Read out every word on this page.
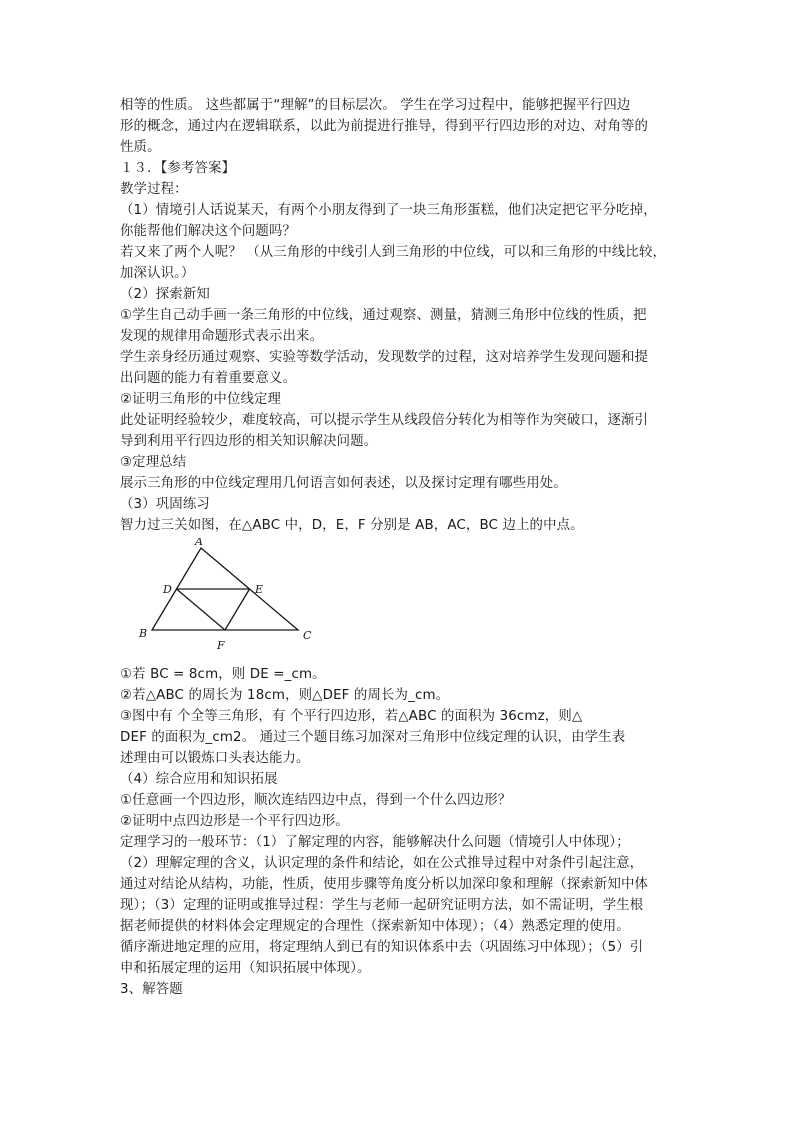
相等的性质。 这些都属于“理解”的目标层次。 学生在学习过程中，能够把握平行四边

形的概念，通过内在逻辑联系，以此为前提进行推导，得到平行四边形的对边、对角等的

性质。

１３．【参考答案】

教学过程：

（1）情境引人话说某天，有两个小朋友得到了一块三角形蛋糕，他们决定把它平分吃掉，

你能帮他们解决这个问题吗？

若又来了两个人呢？ （从三角形的中线引人到三角形的中位线，可以和三角形的中线比较，

加深认识。）

（2）探索新知

①学生自己动手画一条三角形的中位线，通过观察、测量，猜测三角形中位线的性质，把

发现的规律用命题形式表示出来。

学生亲身经历通过观察、实验等数学活动，发现数学的过程，这对培养学生发现问题和提

出问题的能力有着重要意义。

②证明三角形的中位线定理

此处证明经验较少，难度较高，可以提示学生从线段倍分转化为相等作为突破口，逐渐引

导到利用平行四边形的相关知识解决问题。

③定理总结

展示三角形的中位线定理用几何语言如何表述，以及探讨定理有哪些用处。

（3）巩固练习

智力过三关如图，在△ABC 中，D，E，F 分别是 AB，AC，BC 边上的中点。

A
B	C
D	E
F

①若 BC = 8cm，则 DE =_cm。

②若△ABC 的周长为 18cm，则△DEF 的周长为_cm。

③图中有 个全等三角形，有 个平行四边形，若△ABC 的面积为 36cmz，则△

DEF 的面积为_cm2。 通过三个题目练习加深对三角形中位线定理的认识，由学生表

述理由可以锻炼口头表达能力。

（4）综合应用和知识拓展

①任意画一个四边形，顺次连结四边中点，得到一个什么四边形？

②证明中点四边形是一个平行四边形。

定理学习的一般环节：（1）了解定理的内容，能够解决什么问题（情境引人中体现）；

（2）理解定理的含义，认识定理的条件和结论，如在公式推导过程中对条件引起注意，

通过对结论从结构，功能，性质，使用步骤等角度分析以加深印象和理解（探索新知中体

现）；（3）定理的证明或推导过程：学生与老师一起研究证明方法，如不需证明，学生根

据老师提供的材料体会定理规定的合理性（探索新知中体现）；（4）熟悉定理的使用。

循序渐进地定理的应用，将定理纳人到已有的知识体系中去（巩固练习中体现）；（5）引

申和拓展定理的运用（知识拓展中体现）。

3、解答题
